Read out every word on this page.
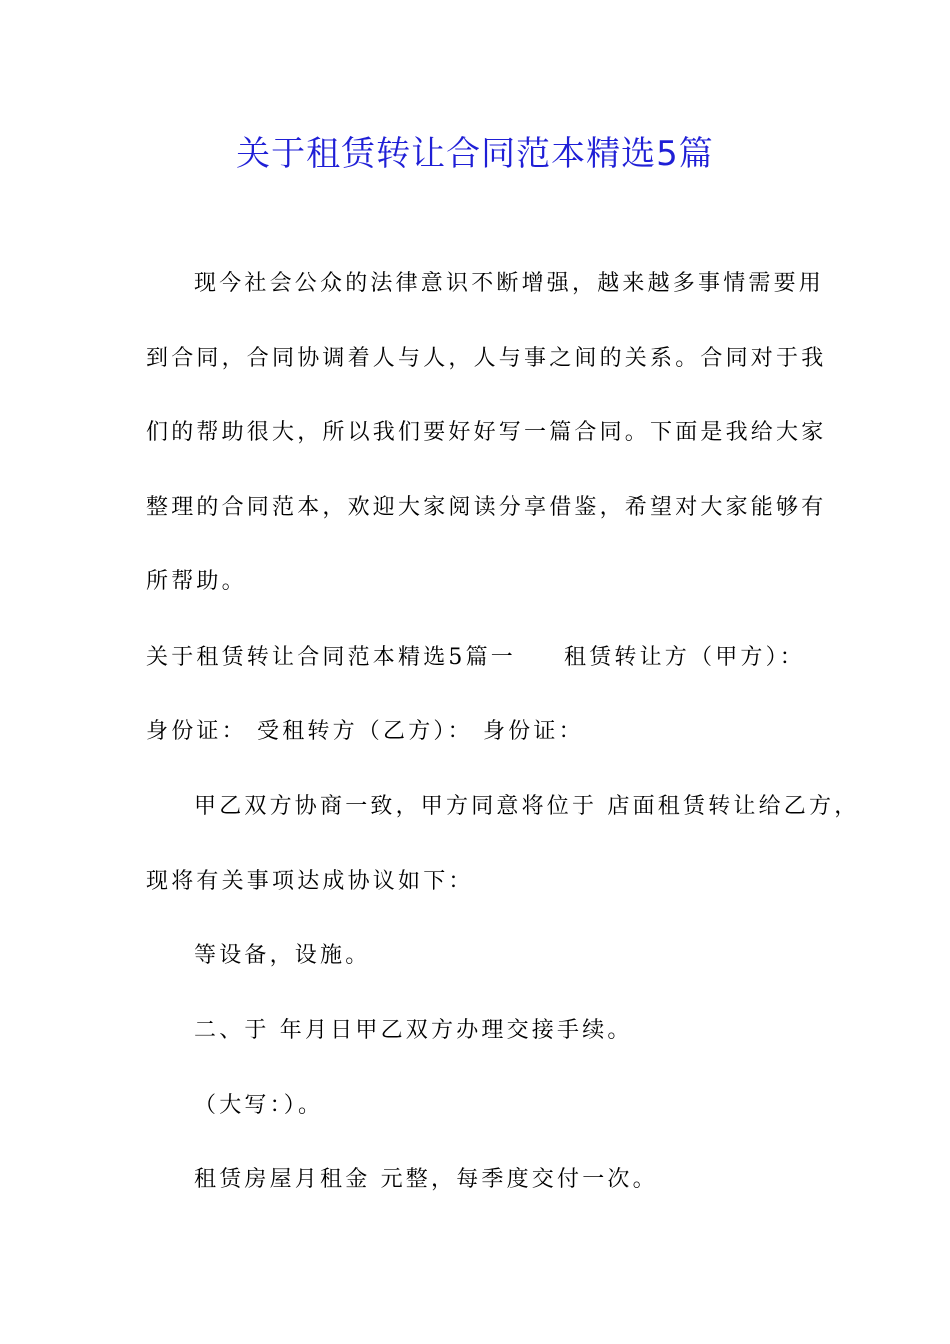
关于租赁转让合同范本精选5篇

现今社会公众的法律意识不断增强，越来越多事情需要用

到合同，合同协调着人与人，人与事之间的关系。合同对于我

们的帮助很大，所以我们要好好写一篇合同。下面是我给大家

整理的合同范本，欢迎大家阅读分享借鉴，希望对大家能够有

所帮助。

关于租赁转让合同范本精选5篇一 租赁转让方（甲方）：

身份证： 受租转方（乙方）： 身份证：

甲乙双方协商一致，甲方同意将位于 店面租赁转让给乙方，

现将有关事项达成协议如下：

等设备，设施。

二、于 年月日甲乙双方办理交接手续。

（大写：）。

租赁房屋月租金 元整，每季度交付一次。
